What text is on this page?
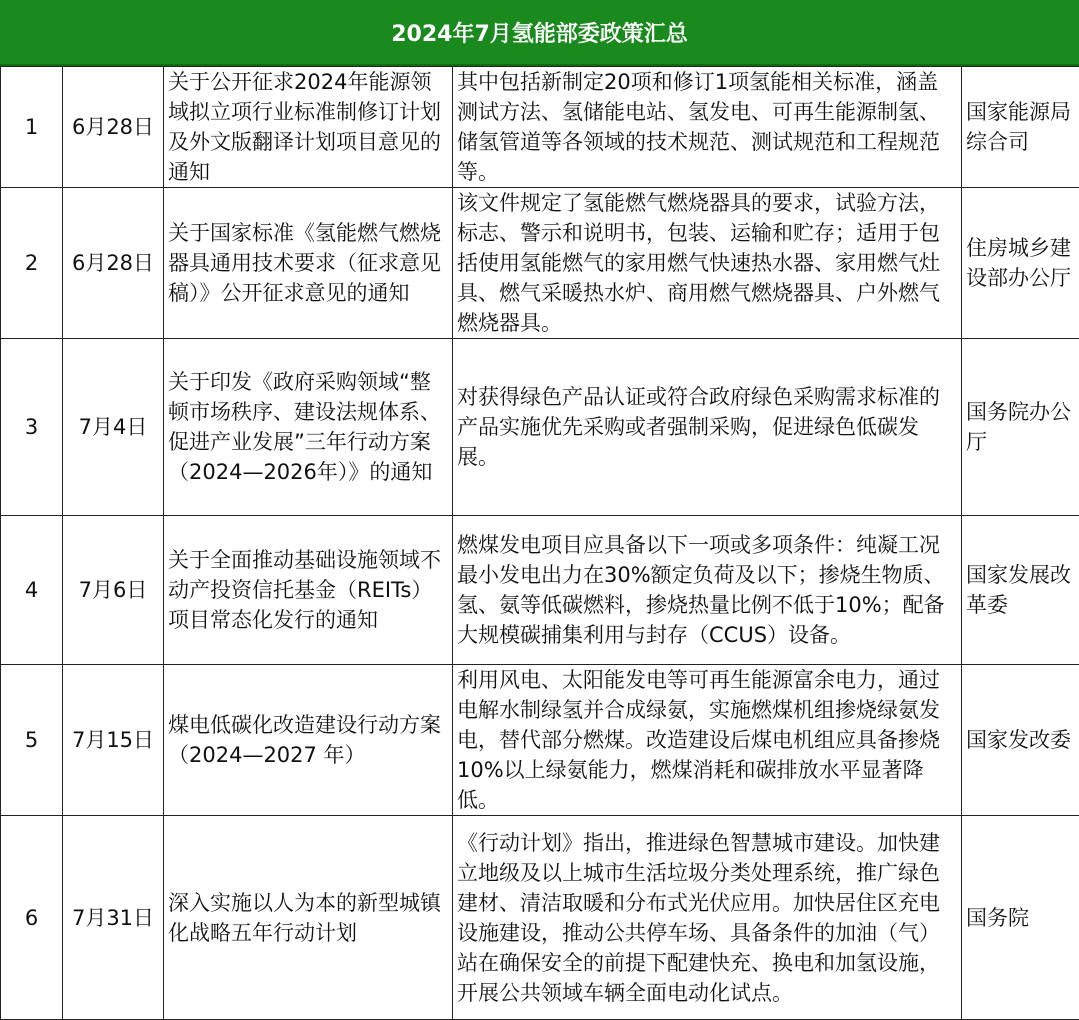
2024年7月氢能部委政策汇总
1	6月28日	关于公开征求2024年能源领域拟立项行业标准制修订计划及外文版翻译计划项目意见的通知	其中包括新制定20项和修订1项氢能相关标准，涵盖测试方法、氢储能电站、氢发电、可再生能源制氢、储氢管道等各领域的技术规范、测试规范和工程规范等。	国家能源局综合司
2	6月28日	关于国家标准《氢能燃气燃烧器具通用技术要求（征求意见稿）》公开征求意见的通知	该文件规定了氢能燃气燃烧器具的要求，试验方法，标志、警示和说明书，包装、运输和贮存；适用于包括使用氢能燃气的家用燃气快速热水器、家用燃气灶具、燃气采暖热水炉、商用燃气燃烧器具、户外燃气燃烧器具。	住房城乡建设部办公厅
3	7月4日	关于印发《政府采购领域“整顿市场秩序、建设法规体系、促进产业发展”三年行动方案（2024—2026年）》的通知	对获得绿色产品认证或符合政府绿色采购需求标准的产品实施优先采购或者强制采购，促进绿色低碳发展。	国务院办公厅
4	7月6日	关于全面推动基础设施领域不动产投资信托基金（REITs）项目常态化发行的通知	燃煤发电项目应具备以下一项或多项条件：纯凝工况最小发电出力在30%额定负荷及以下；掺烧生物质、氢、氨等低碳燃料，掺烧热量比例不低于10%；配备大规模碳捕集利用与封存（CCUS）设备。	国家发展改革委
5	7月15日	煤电低碳化改造建设行动方案（2024—2027 年）	利用风电、太阳能发电等可再生能源富余电力，通过电解水制绿氢并合成绿氨，实施燃煤机组掺烧绿氨发电，替代部分燃煤。改造建设后煤电机组应具备掺烧10%以上绿氨能力，燃煤消耗和碳排放水平显著降低。	国家发改委
6	7月31日	深入实施以人为本的新型城镇化战略五年行动计划	《行动计划》指出，推进绿色智慧城市建设。加快建立地级及以上城市生活垃圾分类处理系统，推广绿色建材、清洁取暖和分布式光伏应用。加快居住区充电设施建设，推动公共停车场、具备条件的加油（气）站在确保安全的前提下配建快充、换电和加氢设施，开展公共领域车辆全面电动化试点。	国务院
